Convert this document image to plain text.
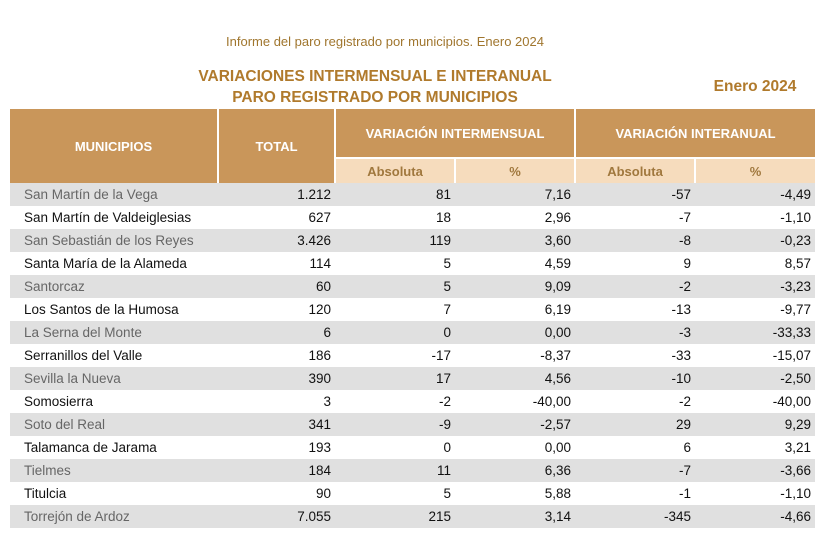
Informe del paro registrado por municipios. Enero 2024
VARIACIONES INTERMENSUAL E INTERANUAL
PARO REGISTRADO POR MUNICIPIOS
Enero 2024
MUNICIPIOS	TOTAL	VARIACIÓN INTERMENSUAL		VARIACIÓN INTERANUAL	
		Absoluta	%	Absoluta	%
San Martín de la Vega	1.212	81	7,16	-57	-4,49
San Martín de Valdeiglesias	627	18	2,96	-7	-1,10
San Sebastián de los Reyes	3.426	119	3,60	-8	-0,23
Santa María de la Alameda	114	5	4,59	9	8,57
Santorcaz	60	5	9,09	-2	-3,23
Los Santos de la Humosa	120	7	6,19	-13	-9,77
La Serna del Monte	6	0	0,00	-3	-33,33
Serranillos del Valle	186	-17	-8,37	-33	-15,07
Sevilla la Nueva	390	17	4,56	-10	-2,50
Somosierra	3	-2	-40,00	-2	-40,00
Soto del Real	341	-9	-2,57	29	9,29
Talamanca de Jarama	193	0	0,00	6	3,21
Tielmes	184	11	6,36	-7	-3,66
Titulcia	90	5	5,88	-1	-1,10
Torrejón de Ardoz	7.055	215	3,14	-345	-4,66
